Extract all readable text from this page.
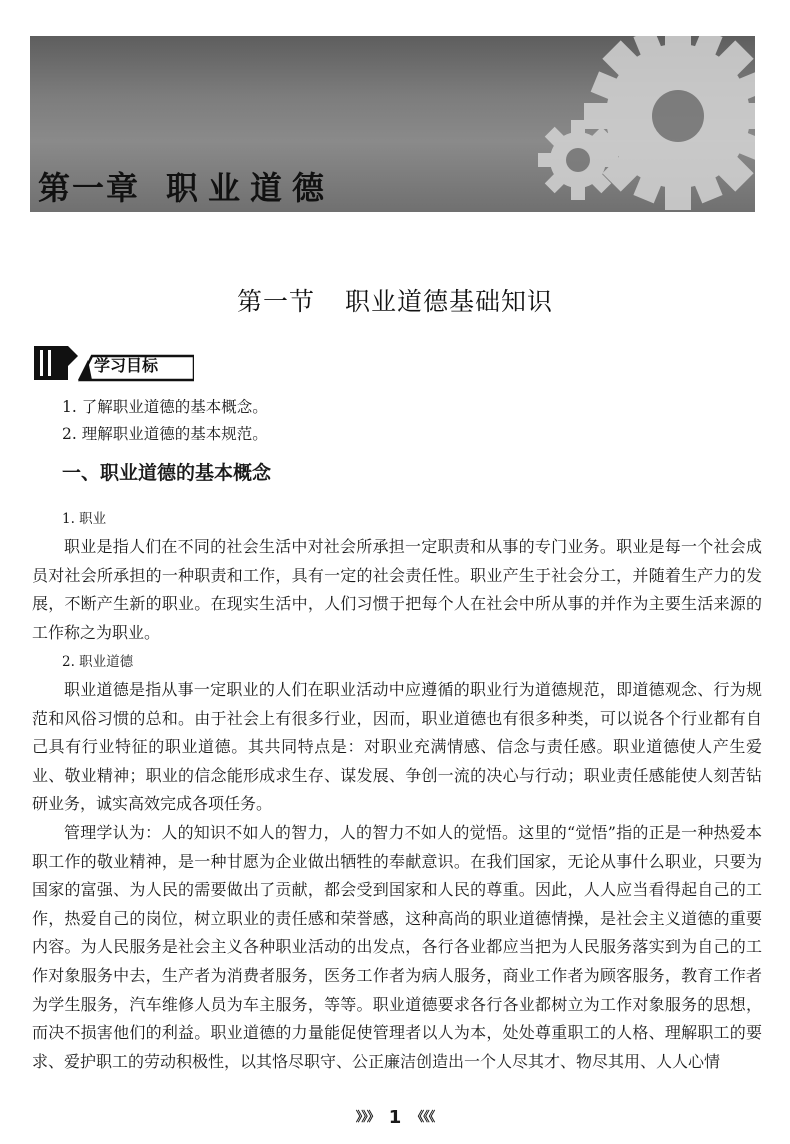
第一章 职业道德
第一节 职业道德基础知识
学习目标
1. 了解职业道德的基本概念。
2. 理解职业道德的基本规范。
一、职业道德的基本概念
1. 职业

职业是指人们在不同的社会生活中对社会所承担一定职责和从事的专门业务。职业是每一个社会成员对社会所承担的一种职责和工作，具有一定的社会责任性。职业产生于社会分工，并随着生产力的发展，不断产生新的职业。在现实生活中，人们习惯于把每个人在社会中所从事的并作为主要生活来源的工作称之为职业。

2. 职业道德

职业道德是指从事一定职业的人们在职业活动中应遵循的职业行为道德规范，即道德观念、行为规范和风俗习惯的总和。由于社会上有很多行业，因而，职业道德也有很多种类，可以说各个行业都有自己具有行业特征的职业道德。其共同特点是：对职业充满情感、信念与责任感。职业道德使人产生爱业、敬业精神；职业的信念能形成求生存、谋发展、争创一流的决心与行动；职业责任感能使人刻苦钻研业务，诚实高效完成各项任务。

管理学认为：人的知识不如人的智力，人的智力不如人的觉悟。这里的“觉悟”指的正是一种热爱本职工作的敬业精神，是一种甘愿为企业做出牺牲的奉献意识。在我们国家，无论从事什么职业，只要为国家的富强、为人民的需要做出了贡献，都会受到国家和人民的尊重。因此，人人应当看得起自己的工作，热爱自己的岗位，树立职业的责任感和荣誉感，这种高尚的职业道德情操，是社会主义道德的重要内容。为人民服务是社会主义各种职业活动的出发点，各行各业都应当把为人民服务落实到为自己的工作对象服务中去，生产者为消费者服务，医务工作者为病人服务，商业工作者为顾客服务，教育工作者为学生服务，汽车维修人员为车主服务，等等。职业道德要求各行各业都树立为工作对象服务的思想，而决不损害他们的利益。职业道德的力量能促使管理者以人为本，处处尊重职工的人格、理解职工的要求、爱护职工的劳动积极性，以其恪尽职守、公正廉洁创造出一个人尽其才、物尽其用、人人心情

》》》 1 《《《
